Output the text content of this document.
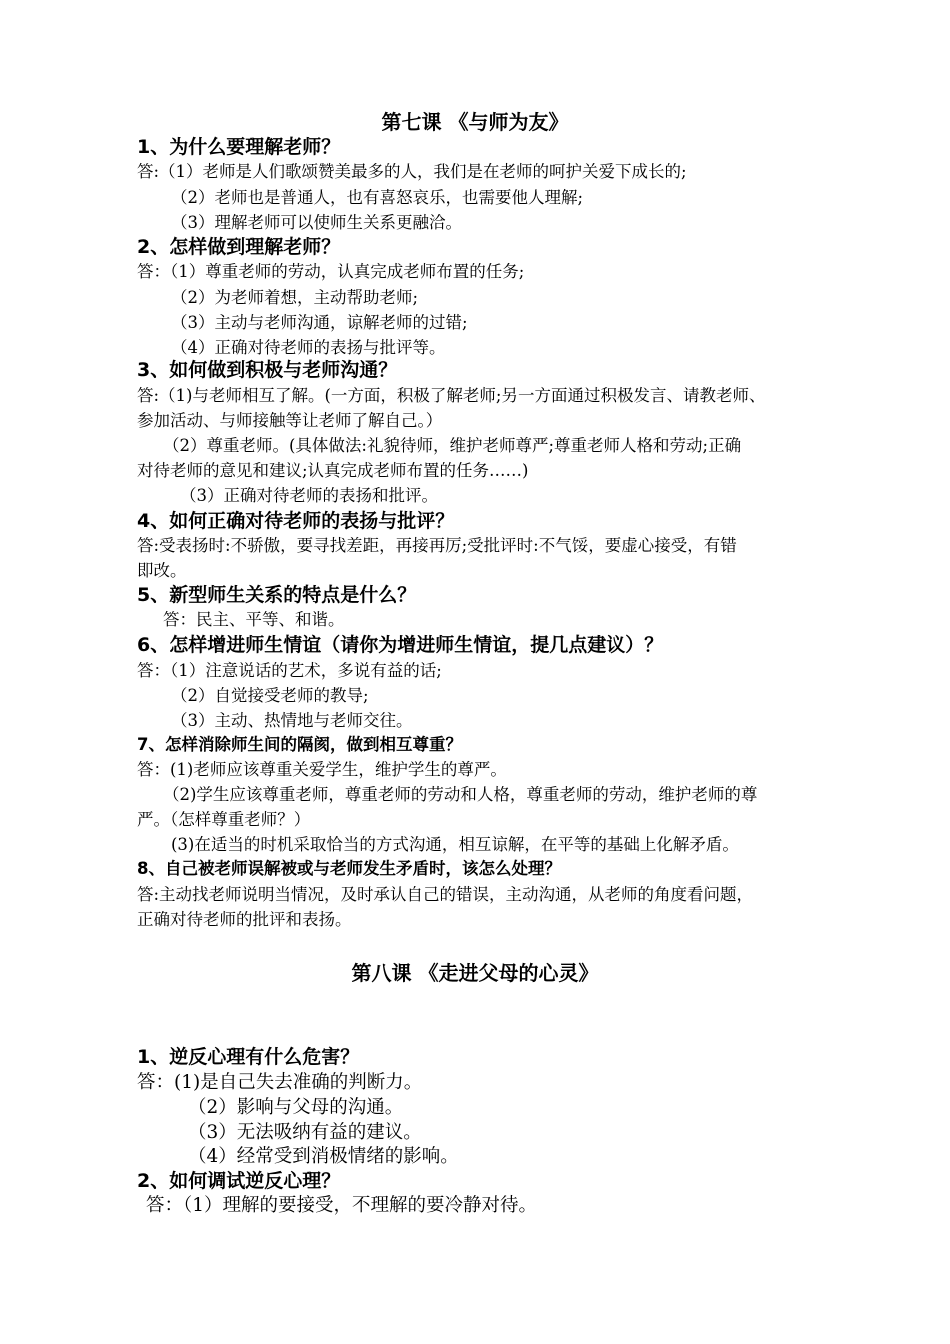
第七课 《与师为友》
1、为什么要理解老师？
答:（1）老师是人们歌颂赞美最多的人，我们是在老师的呵护关爱下成长的;
（2）老师也是普通人，也有喜怒哀乐，也需要他人理解;
（3）理解老师可以使师生关系更融洽。
2、怎样做到理解老师？
答：（1）尊重老师的劳动，认真完成老师布置的任务;
（2）为老师着想，主动帮助老师;
（3）主动与老师沟通，谅解老师的过错;
（4）正确对待老师的表扬与批评等。
3、如何做到积极与老师沟通？
答:（1)与老师相互了解。(一方面，积极了解老师;另一方面通过积极发言、请教老师、
参加活动、与师接触等让老师了解自己。）
（2）尊重老师。(具体做法:礼貌待师，维护老师尊严;尊重老师人格和劳动;正确
对待老师的意见和建议;认真完成老师布置的任务……)
（3）正确对待老师的表扬和批评。
4、如何正确对待老师的表扬与批评？
答:受表扬时:不骄傲，要寻找差距，再接再厉;受批评时:不气馁，要虚心接受，有错
即改。
5、新型师生关系的特点是什么？
答：民主、平等、和谐。
6、怎样增进师生情谊（请你为增进师生情谊，提几点建议）？
答：（1）注意说话的艺术，多说有益的话;
（2）自觉接受老师的教导;
（3）主动、热情地与老师交往。
7、怎样消除师生间的隔阂，做到相互尊重？
答：(1)老师应该尊重关爱学生，维护学生的尊严。
（2)学生应该尊重老师，尊重老师的劳动和人格，尊重老师的劳动，维护老师的尊
严。（怎样尊重老师？）
(3)在适当的时机采取恰当的方式沟通，相互谅解，在平等的基础上化解矛盾。
8、自己被老师误解被或与老师发生矛盾时，该怎么处理？
答:主动找老师说明当情况，及时承认自己的错误，主动沟通，从老师的角度看问题，
正确对待老师的批评和表扬。
第八课 《走进父母的心灵》
1、逆反心理有什么危害？
答：(1)是自己失去准确的判断力。
（2）影响与父母的沟通。
（3）无法吸纳有益的建议。
（4）经常受到消极情绪的影响。
2、如何调试逆反心理？
答：（1）理解的要接受，不理解的要冷静对待。
